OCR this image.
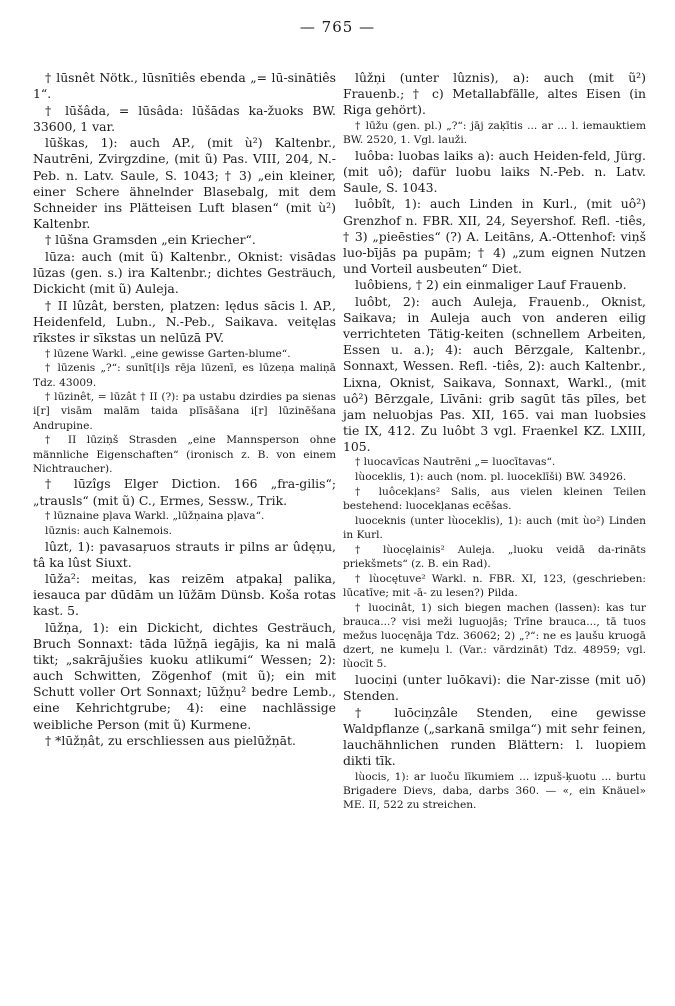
— 765 —

† lūsnêt Nötk., lūsnītiês ebenda „= lū-sinātiês 1“.

† lūšâda, = lūsâda: lūšādas ka-žuoks BW. 33600, 1 var.

lūškas, 1): auch AP., (mit ù²) Kaltenbr., Nautrēni, Zvirgzdine, (mit ũ) Pas. VIII, 204, N.-Peb. n. Latv. Saule, S. 1043; † 3) „ein kleiner, einer Schere ähnelnder Blasebalg, mit dem Schneider ins Plätteisen Luft blasen“ (mit ù²) Kaltenbr.

† lūšna Gramsden „ein Kriecher“.

lūza: auch (mit ũ) Kaltenbr., Oknist: visādas lūzas (gen. s.) ira Kaltenbr.; dichtes Gesträuch, Dickicht (mit ũ) Auleja.

† II lûzât, bersten, platzen: lędus sācis l. AP., Heidenfeld, Lubn., N.-Peb., Saikava. veitęlas rīkstes ir sīkstas un nelūzā PV.

† lūzene Warkl. „eine gewisse Garten-blume“.

† lūzenis „?“: sunīt[i]s rēja lūzenī, es lūzeņa maliņā Tdz. 43009.

† lūzinêt, = lūzât † II (?): pa ustabu dzirdies pa sienas i[r] visām malām taida plīsāšana i[r] lūzinēšana Andrupine.

† II lūziņš Strasden „eine Mannsperson ohne männliche Eigenschaften“ (ironisch z. B. von einem Nichtraucher).

† lūzîgs Elger Diction. 166 „fra-gilis“; „trausls“ (mit ũ) C., Ermes, Sessw., Trik.

† lūznaine pļava Warkl. „lūžņaina pļava“.

lūznis: auch Kalnemois.

lûzt, 1): pavasaŗuos strauts ir pilns ar ûdęņu, tâ ka lûst Siuxt.

lūža²: meitas, kas reizēm atpakaļ palika, iesauca par dūdām un lūžām Dünsb. Koša rotas kast. 5.

lūžņa, 1): ein Dickicht, dichtes Gesträuch, Bruch Sonnaxt: tāda lūžņā iegājis, ka ni malā tikt; „sakrājušies kuoku atlikumi“ Wessen; 2): auch Schwitten, Zögenhof (mit ũ); ein mit Schutt voller Ort Sonnaxt; lūžņu² bedre Lemb., eine Kehrichtgrube; 4): eine nachlässige weibliche Person (mit ũ) Kurmene.

† *lūžņât, zu erschliessen aus pielūžņāt.

lûžņi (unter lûznis), a): auch (mit ũ²) Frauenb.; † c) Metallabfälle, altes Eisen (in Riga gehört).

† lūžu (gen. pl.) „?“: jāj zaķītis ... ar ... l. iemauktiem BW. 2520, 1. Vgl. lauži.

luôba: luobas laiks a): auch Heiden-feld, Jürg. (mit uô); dafür luobu laiks N.-Peb. n. Latv. Saule, S. 1043.

luôbît, 1): auch Linden in Kurl., (mit uô²) Grenzhof n. FBR. XII, 24, Seyershof. Refl. -tiês, † 3) „pieēsties“ (?) A. Leitāns, A.-Ottenhof: viņš luo-bījās pa pupām; † 4) „zum eignen Nutzen und Vorteil ausbeuten“ Diet.

luôbiens, † 2) ein einmaliger Lauf Frauenb.

luôbt, 2): auch Auleja, Frauenb., Oknist, Saikava; in Auleja auch von anderen eilig verrichteten Tätig-keiten (schnellem Arbeiten, Essen u. a.); 4): auch Bērzgale, Kaltenbr., Sonnaxt, Wessen. Refl. -tiês, 2): auch Kaltenbr., Lixna, Oknist, Saikava, Sonnaxt, Warkl., (mit uô²) Bērzgale, Līvāni: grib sagūt tās pīles, bet jam neluobjas Pas. XII, 165. vai man luobsies tie IX, 412. Zu luôbt 3 vgl. Fraenkel KZ. LXIII, 105.

† luocavīcas Nautrēni „= luocītavas“.

lùoceklis, 1): auch (nom. pl. luoceklīši) BW. 34926.

† luôcekļans² Salis, aus vielen kleinen Teilen bestehend: luocekļanas ecēšas.

luoceknis (unter lùoceklis), 1): auch (mit ùo²) Linden in Kurl.

† lùocęlainis² Auleja. „luoku veidā da-rināts priekšmets“ (z. B. ein Rad).

† lùocętuve² Warkl. n. FBR. XI, 123, (geschrieben: lūcatīve; mit -ā- zu lesen?) Pilda.

† luocinât, 1) sich biegen machen (lassen): kas tur brauca...? visi meži luguojās; Trīne brauca..., tā tuos mežus luocęnāja Tdz. 36062; 2) „?“: ne es ļaušu kruogā dzert, ne kumeļu l. (Var.: vārdzināt) Tdz. 48959; vgl. lùocīt 5.

luociņi (unter luōkavi): die Nar-zisse (mit uō) Stenden.

† luōciņzâle Stenden, eine gewisse Waldpflanze („sarkanā smilga“) mit sehr feinen, lauchähnlichen runden Blättern: l. luopiem dikti tīk.

lùocis, 1): ar luoču līkumiem ... izpuš-ķuotu ... burtu Brigadere Dievs, daba, darbs 360. — «, ein Knäuel» ME. II, 522 zu streichen.
